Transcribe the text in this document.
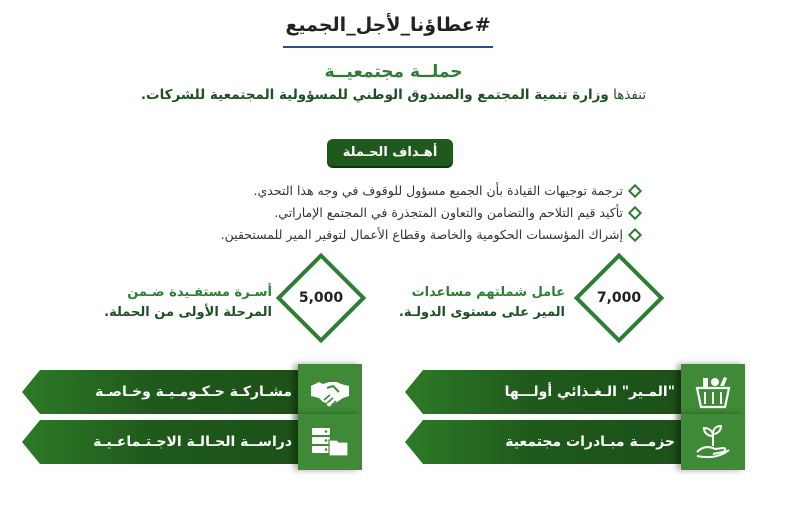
#عطاؤنا_لأجل_الجميع
حملــة مجتمعيــة
تنفذها وزارة تنمية المجتمع والصندوق الوطني للمسؤولية المجتمعية للشركات.
أهـداف الحـملة
ترجمة توجيهات القيادة بأن الجميع مسؤول للوقوف في وجه هذا التحدي.
تأكيد قيم التلاحم والتضامن والتعاون المتجذرة في المجتمع الإماراتي.
إشراك المؤسسات الحكومية والخاصة وقطاع الأعمال لتوفير المير للمستحقين.
7,000
عامل شملتهم مساعدات
المير على مستوى الدولـة.
5,000
أسـرة مستفـيدة ضـمن
المرحلة الأولى من الحملة.
"المـير" الـغـذائي أولـــها
حزمــة مبـادرات مجتمعية
مشـاركـة حـكـومـيـة وخـاصـة
دراســة الحـالـة الاجـتـماعـيـة
